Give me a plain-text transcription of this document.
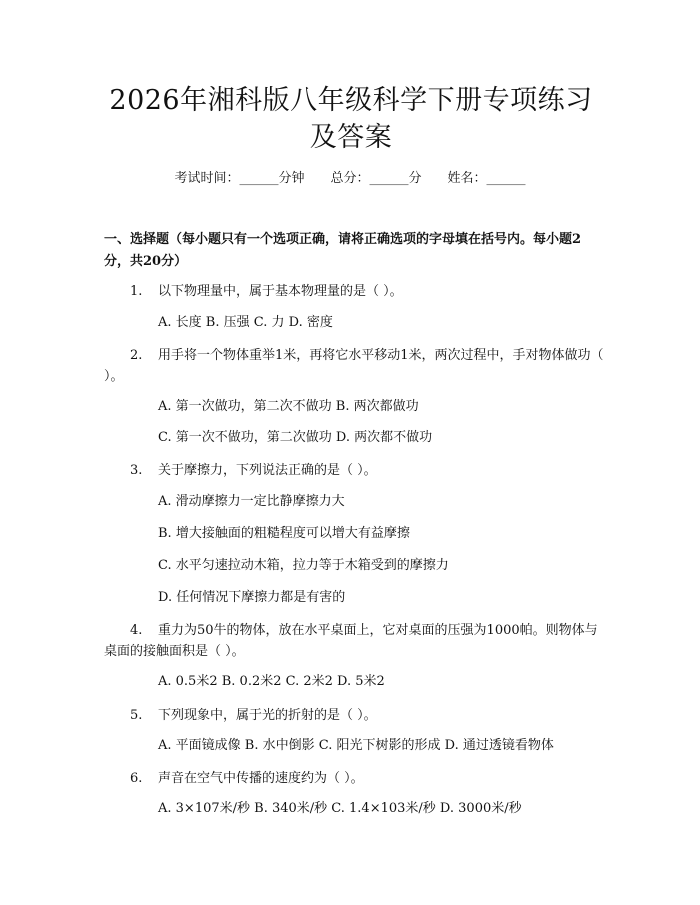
2026年湘科版八年级科学下册专项练习及答案
考试时间：______分钟 总分：______分 姓名：______
一、选择题（每小题只有一个选项正确，请将正确选项的字母填在括号内。每小题2分，共20分）
1. 以下物理量中，属于基本物理量的是（ ）。
A. 长度 B. 压强 C. 力 D. 密度
2. 用手将一个物体重举1米，再将它水平移动1米，两次过程中，手对物体做功（ ）。
A. 第一次做功，第二次不做功 B. 两次都做功
C. 第一次不做功，第二次做功 D. 两次都不做功
3. 关于摩擦力，下列说法正确的是（ ）。
A. 滑动摩擦力一定比静摩擦力大
B. 增大接触面的粗糙程度可以增大有益摩擦
C. 水平匀速拉动木箱，拉力等于木箱受到的摩擦力
D. 任何情况下摩擦力都是有害的
4. 重力为50牛的物体，放在水平桌面上，它对桌面的压强为1000帕。则物体与桌面的接触面积是（ ）。
A. 0.5米2 B. 0.2米2 C. 2米2 D. 5米2
5. 下列现象中，属于光的折射的是（ ）。
A. 平面镜成像 B. 水中倒影 C. 阳光下树影的形成 D. 通过透镜看物体
6. 声音在空气中传播的速度约为（ ）。
A. 3×107米/秒 B. 340米/秒 C. 1.4×103米/秒 D. 3000米/秒
